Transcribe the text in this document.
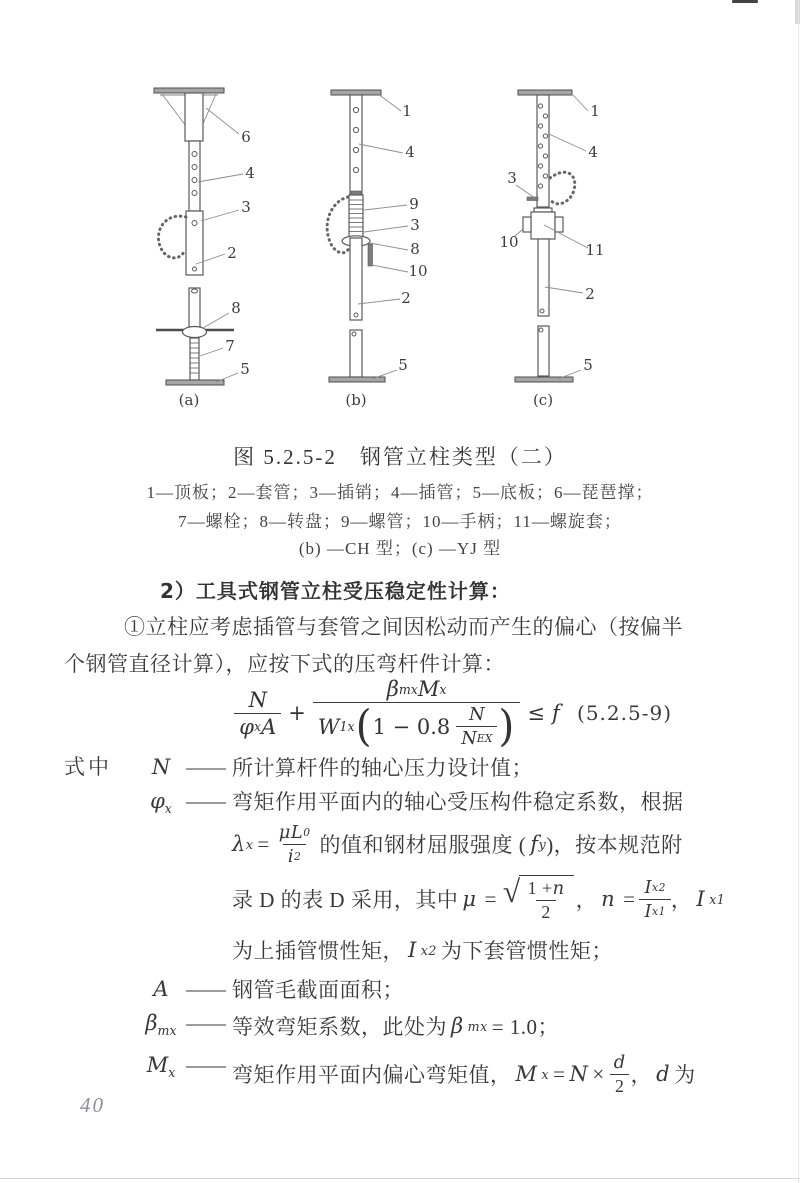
6
4
3
2
8
7
5
(a)
1
4
9
3
8
10
2
5
(b)
1
4
3
10	11
2
5
(c)
图 5.2.5-2　钢管立柱类型（二）
1—顶板；2—套管；3—插销；4—插管；5—底板；6—琵琶撑；
7—螺栓；8—转盘；9—螺管；10—手柄；11—螺旋套；
(b) —CH 型；(c) —YJ 型
2）工具式钢管立柱受压稳定性计算：
①立柱应考虑插管与套管之间因松动而产生的偏心（按偏半
个钢管直径计算），应按下式的压弯杆件计算：
$\frac{N}{\text{φ x A}}$ +
β mx M x
W 1x ( $1 - 0.8 \frac{N}{\text{N EX}}$ ) ≤ f (5.2.5-9)
式中	N —— 所计算杆件的轴心压力设计值；
$\varphi_x$ —— 弯矩作用平面内的轴心受压构件稳定系数，根据
λ $x = \frac{\mu L 0}{i 2}$ 的值和钢材屈服强度 ( f y )，按本规范附
录 D 的表 D 采用，其中 μ = √ $\frac{1 + n}{2}$ ， $n = \frac{\text{I x2}}{\text{I x1}}$ ， I x1
为上插管惯性矩， I x2 为下套管惯性矩；
A —— 钢管毛截面面积；
$\beta_{mx}$ —— 等效弯矩系数，此处为 β mx = 1.0；
$M_x$ —— 弯矩作用平面内偏心弯矩值， M $x = N \times \frac{d}{2}$ ， d 为
40
